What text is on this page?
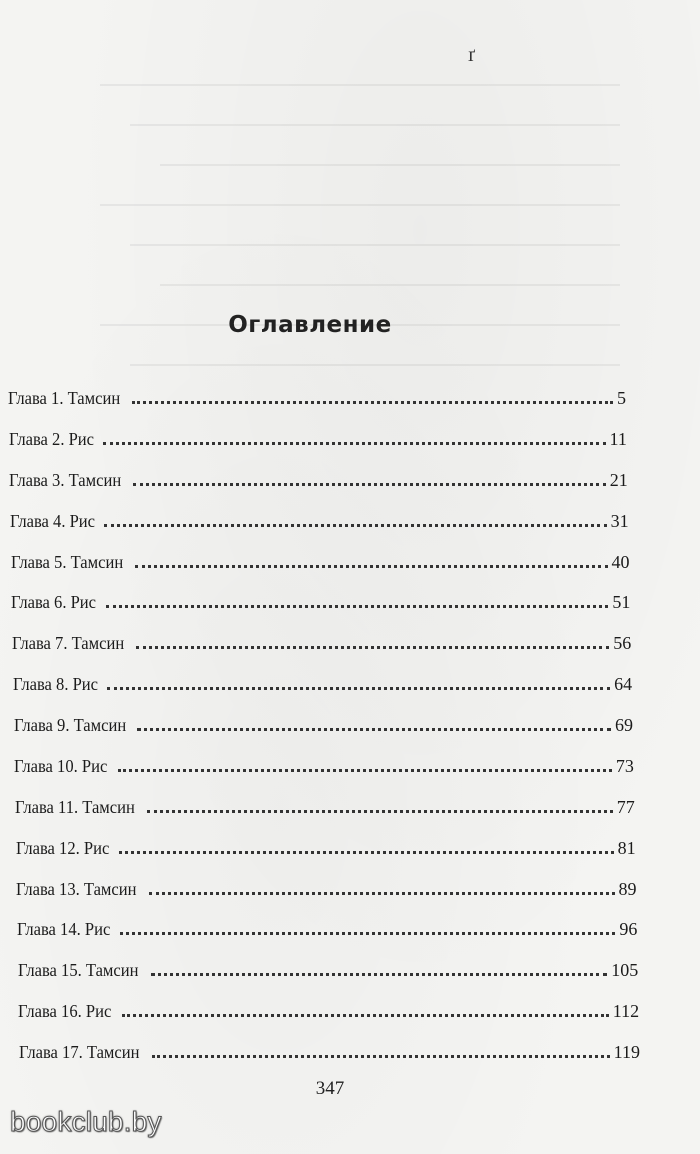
ґ
Оглавление
Глава 1. Тамсин	5
Глава 2. Рис	11
Глава 3. Тамсин	21
Глава 4. Рис	31
Глава 5. Тамсин	40
Глава 6. Рис	51
Глава 7. Тамсин	56
Глава 8. Рис	64
Глава 9. Тамсин	69
Глава 10. Рис	73
Глава 11. Тамсин	77
Глава 12. Рис	81
Глава 13. Тамсин	89
Глава 14. Рис	96
Глава 15. Тамсин	105
Глава 16. Рис	112
Глава 17. Тамсин	119
347
bookclub.by
